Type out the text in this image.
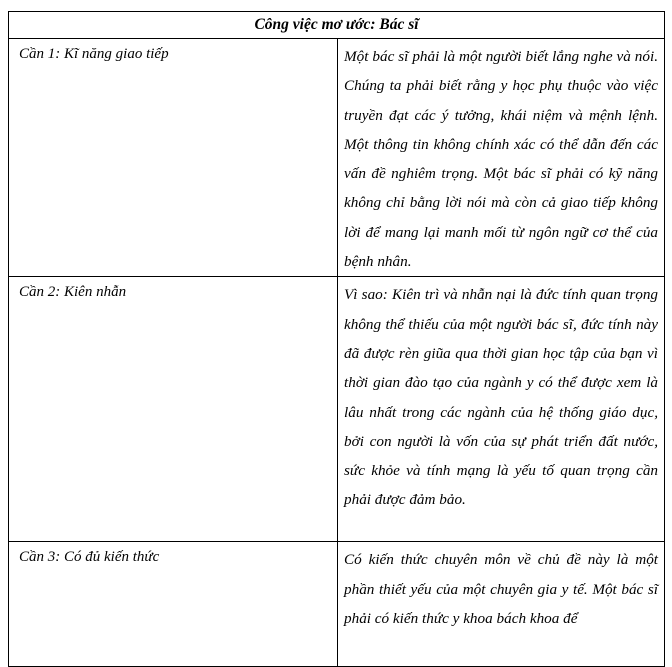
Công việc mơ ước: Bác sĩ	
Cần 1: Kĩ năng giao tiếp	Một bác sĩ phải là một người biết lắng nghe và nói. Chúng ta phải biết rằng y học phụ thuộc vào việc truyền đạt các ý tưởng, khái niệm và mệnh lệnh. Một thông tin không chính xác có thể dẫn đến các vấn đề nghiêm trọng. Một bác sĩ phải có kỹ năng không chỉ bằng lời nói mà còn cả giao tiếp không lời để mang lại manh mối từ ngôn ngữ cơ thể của bệnh nhân.
Cần 2: Kiên nhẫn	Vì sao: Kiên trì và nhẫn nại là đức tính quan trọng không thể thiếu của một người bác sĩ, đức tính này đã được rèn giũa qua thời gian học tập của bạn vì thời gian đào tạo của ngành y có thể được xem là lâu nhất trong các ngành của hệ thống giáo dục, bởi con người là vốn của sự phát triển đất nước, sức khỏe và tính mạng là yếu tố quan trọng cần phải được đảm bảo.
Cần 3: Có đủ kiến thức	Có kiến thức chuyên môn về chủ đề này là một phần thiết yếu của một chuyên gia y tế. Một bác sĩ phải có kiến thức y khoa bách khoa để
